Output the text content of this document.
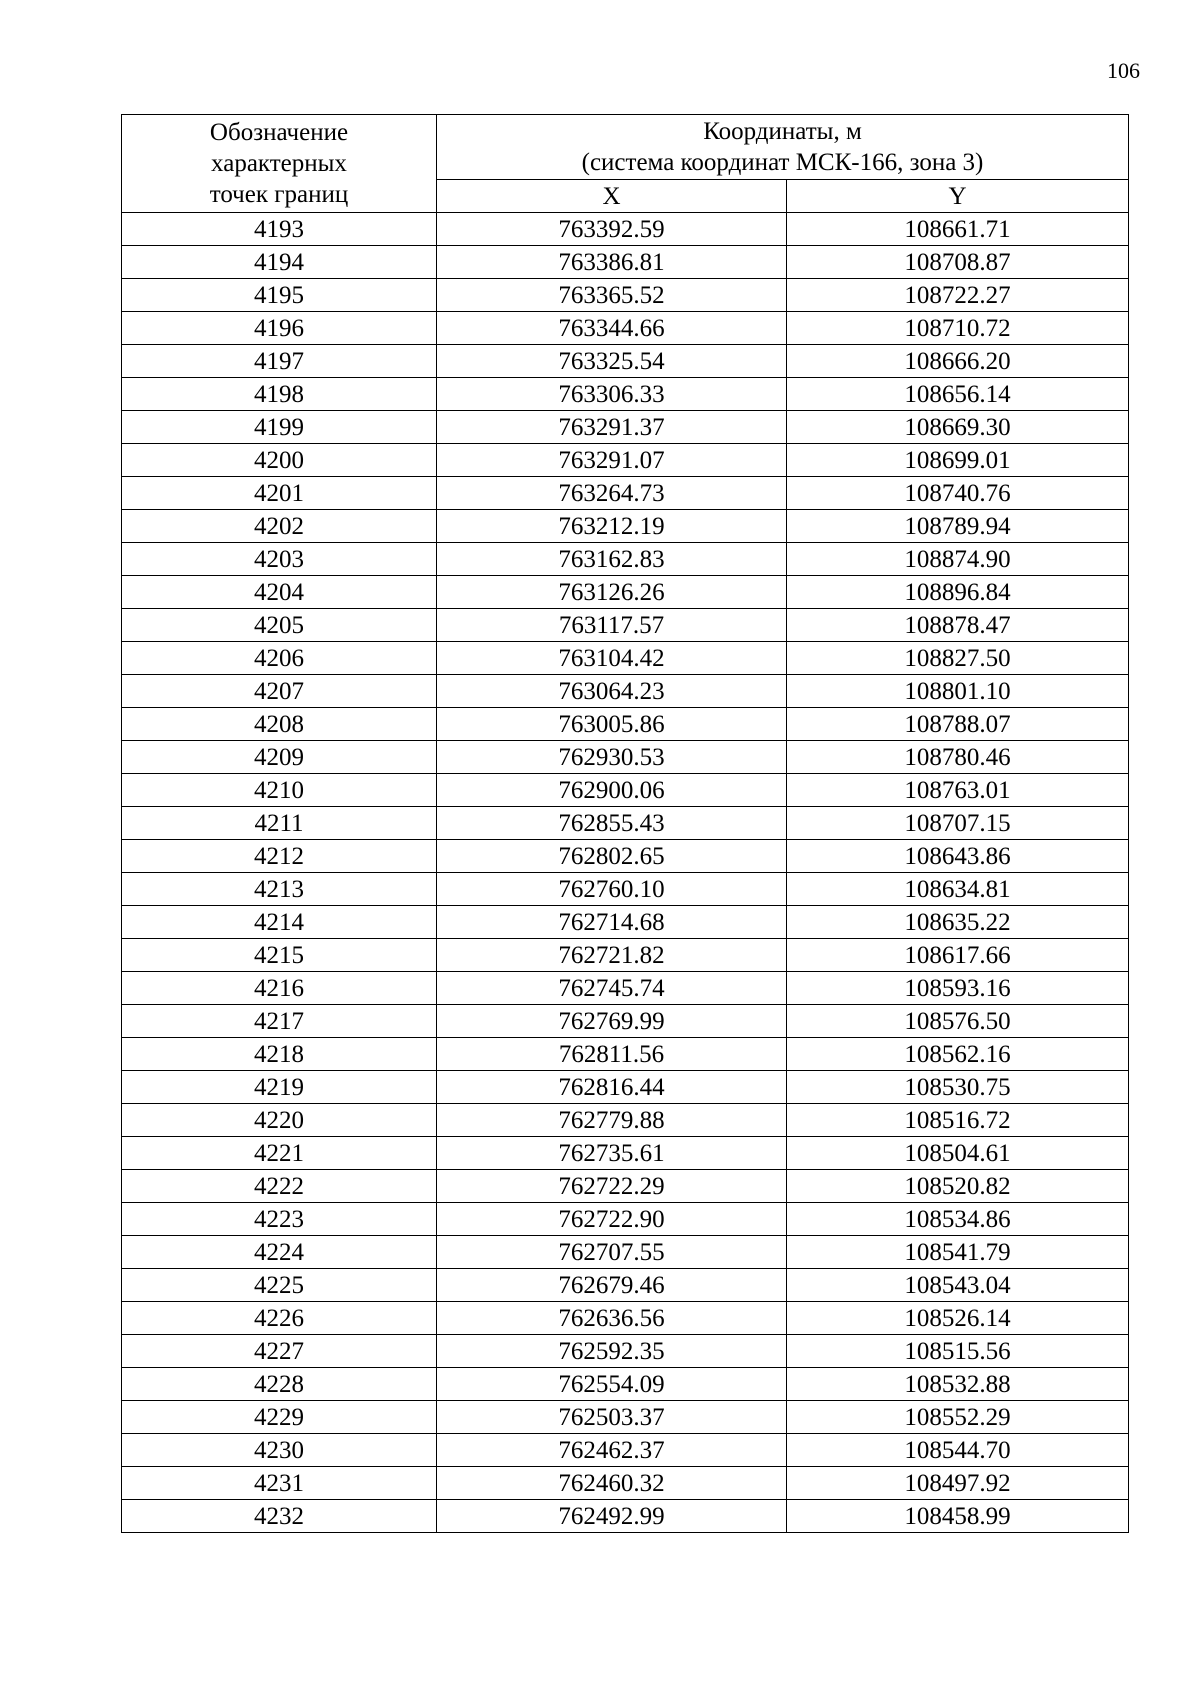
106
Обозначение
характерных
точек границ	Координаты, м
(система координат МСК-166, зона 3)	

	X	Y
4193	763392.59	108661.71
4194	763386.81	108708.87
4195	763365.52	108722.27
4196	763344.66	108710.72
4197	763325.54	108666.20
4198	763306.33	108656.14
4199	763291.37	108669.30
4200	763291.07	108699.01
4201	763264.73	108740.76
4202	763212.19	108789.94
4203	763162.83	108874.90
4204	763126.26	108896.84
4205	763117.57	108878.47
4206	763104.42	108827.50
4207	763064.23	108801.10
4208	763005.86	108788.07
4209	762930.53	108780.46
4210	762900.06	108763.01
4211	762855.43	108707.15
4212	762802.65	108643.86
4213	762760.10	108634.81
4214	762714.68	108635.22
4215	762721.82	108617.66
4216	762745.74	108593.16
4217	762769.99	108576.50
4218	762811.56	108562.16
4219	762816.44	108530.75
4220	762779.88	108516.72
4221	762735.61	108504.61
4222	762722.29	108520.82
4223	762722.90	108534.86
4224	762707.55	108541.79
4225	762679.46	108543.04
4226	762636.56	108526.14
4227	762592.35	108515.56
4228	762554.09	108532.88
4229	762503.37	108552.29
4230	762462.37	108544.70
4231	762460.32	108497.92
4232	762492.99	108458.99
